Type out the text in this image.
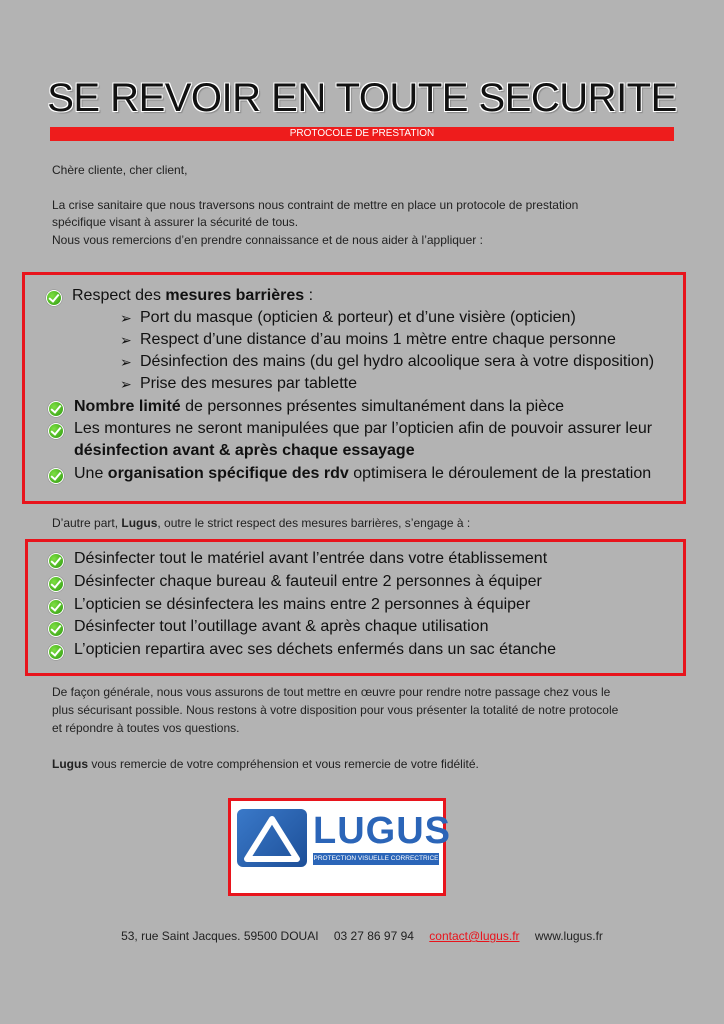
SE REVOIR EN TOUTE SECURITE
PROTOCOLE DE PRESTATION
Chère cliente, cher client,
La crise sanitaire que nous traversons nous contraint de mettre en place un protocole de prestation
spécifique visant à assurer la sécurité de tous.
Nous vous remercions d’en prendre connaissance et de nous aider à l’appliquer :
Respect des mesures barrières :
➢ Port du masque (opticien & porteur) et d’une visière (opticien)
➢ Respect d’une distance d’au moins 1 mètre entre chaque personne
➢ Désinfection des mains (du gel hydro alcoolique sera à votre disposition)
➢ Prise des mesures par tablette
Nombre limité de personnes présentes simultanément dans la pièce
Les montures ne seront manipulées que par l’opticien afin de pouvoir assurer leur
désinfection avant & après chaque essayage
Une organisation spécifique des rdv optimisera le déroulement de la prestation
D’autre part, Lugus, outre le strict respect des mesures barrières, s’engage à :
Désinfecter tout le matériel avant l’entrée dans votre établissement
Désinfecter chaque bureau & fauteuil entre 2 personnes à équiper
L’opticien se désinfectera les mains entre 2 personnes à équiper
Désinfecter tout l’outillage avant & après chaque utilisation
L’opticien repartira avec ses déchets enfermés dans un sac étanche
De façon générale, nous vous assurons de tout mettre en œuvre pour rendre notre passage chez vous le
plus sécurisant possible. Nous restons à votre disposition pour vous présenter la totalité de notre protocole
et répondre à toutes vos questions.
Lugus vous remercie de votre compréhension et vous remercie de votre fidélité.
LUGUS
PROTECTION VISUELLE CORRECTRICE
53, rue Saint Jacques. 59500 DOUAI 03 27 86 97 94 contact@lugus.fr www.lugus.fr
